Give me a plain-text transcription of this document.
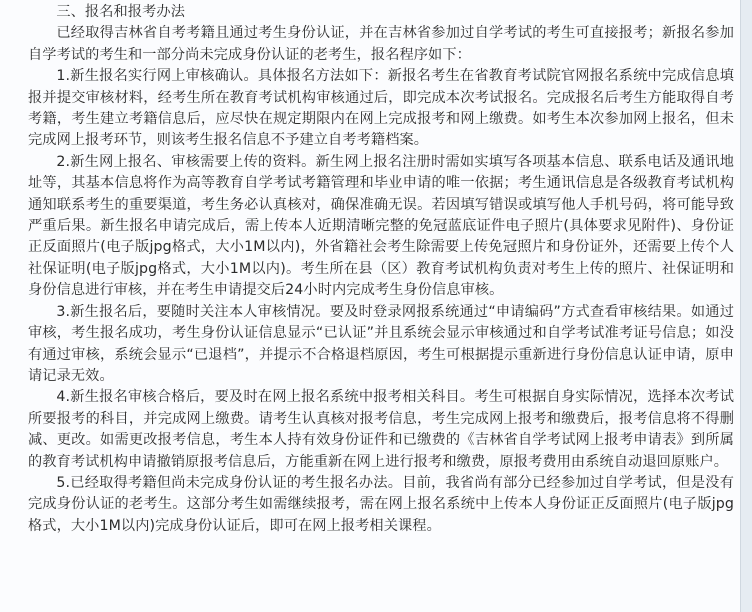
三、报名和报考办法

已经取得吉林省自考考籍且通过考生身份认证，并在吉林省参加过自学考试的考生可直接报考；新报名参加自学考试的考生和一部分尚未完成身份认证的老考生，报名程序如下：

1.新生报名实行网上审核确认。具体报名方法如下：新报名考生在省教育考试院官网报名系统中完成信息填报并提交审核材料，经考生所在教育考试机构审核通过后，即完成本次考试报名。完成报名后考生方能取得自考考籍，考生建立考籍信息后，应尽快在规定期限内在网上完成报考和网上缴费。如考生本次参加网上报名，但未完成网上报考环节，则该考生报名信息不予建立自考考籍档案。

2.新生网上报名、审核需要上传的资料。新生网上报名注册时需如实填写各项基本信息、联系电话及通讯地址等，其基本信息将作为高等教育自学考试考籍管理和毕业申请的唯一依据；考生通讯信息是各级教育考试机构通知联系考生的重要渠道，考生务必认真核对，确保准确无误。若因填写错误或填写他人手机号码，将可能导致严重后果。新生报名申请完成后，需上传本人近期清晰完整的免冠蓝底证件电子照片(具体要求见附件)、身份证正反面照片(电子版jpg格式，大小1M以内)，外省籍社会考生除需要上传免冠照片和身份证外，还需要上传个人社保证明(电子版jpg格式，大小1M以内)。考生所在县（区）教育考试机构负责对考生上传的照片、社保证明和身份信息进行审核，并在考生申请提交后24小时内完成考生身份信息审核。

3.新生报名后，要随时关注本人审核情况。要及时登录网报系统通过“申请编码”方式查看审核结果。如通过审核，考生报名成功，考生身份认证信息显示“已认证”并且系统会显示审核通过和自学考试准考证号信息；如没有通过审核，系统会显示“已退档”，并提示不合格退档原因，考生可根据提示重新进行身份信息认证申请，原申请记录无效。

4.新生报名审核合格后，要及时在网上报名系统中报考相关科目。考生可根据自身实际情况，选择本次考试所要报考的科目，并完成网上缴费。请考生认真核对报考信息，考生完成网上报考和缴费后，报考信息将不得删减、更改。如需更改报考信息，考生本人持有效身份证件和已缴费的《吉林省自学考试网上报考申请表》到所属的教育考试机构申请撤销原报考信息后，方能重新在网上进行报考和缴费，原报考费用由系统自动退回原账户。

5.已经取得考籍但尚未完成身份认证的考生报名办法。目前，我省尚有部分已经参加过自学考试，但是没有完成身份认证的老考生。这部分考生如需继续报考，需在网上报名系统中上传本人身份证正反面照片(电子版jpg格式，大小1M以内)完成身份认证后，即可在网上报考相关课程。
